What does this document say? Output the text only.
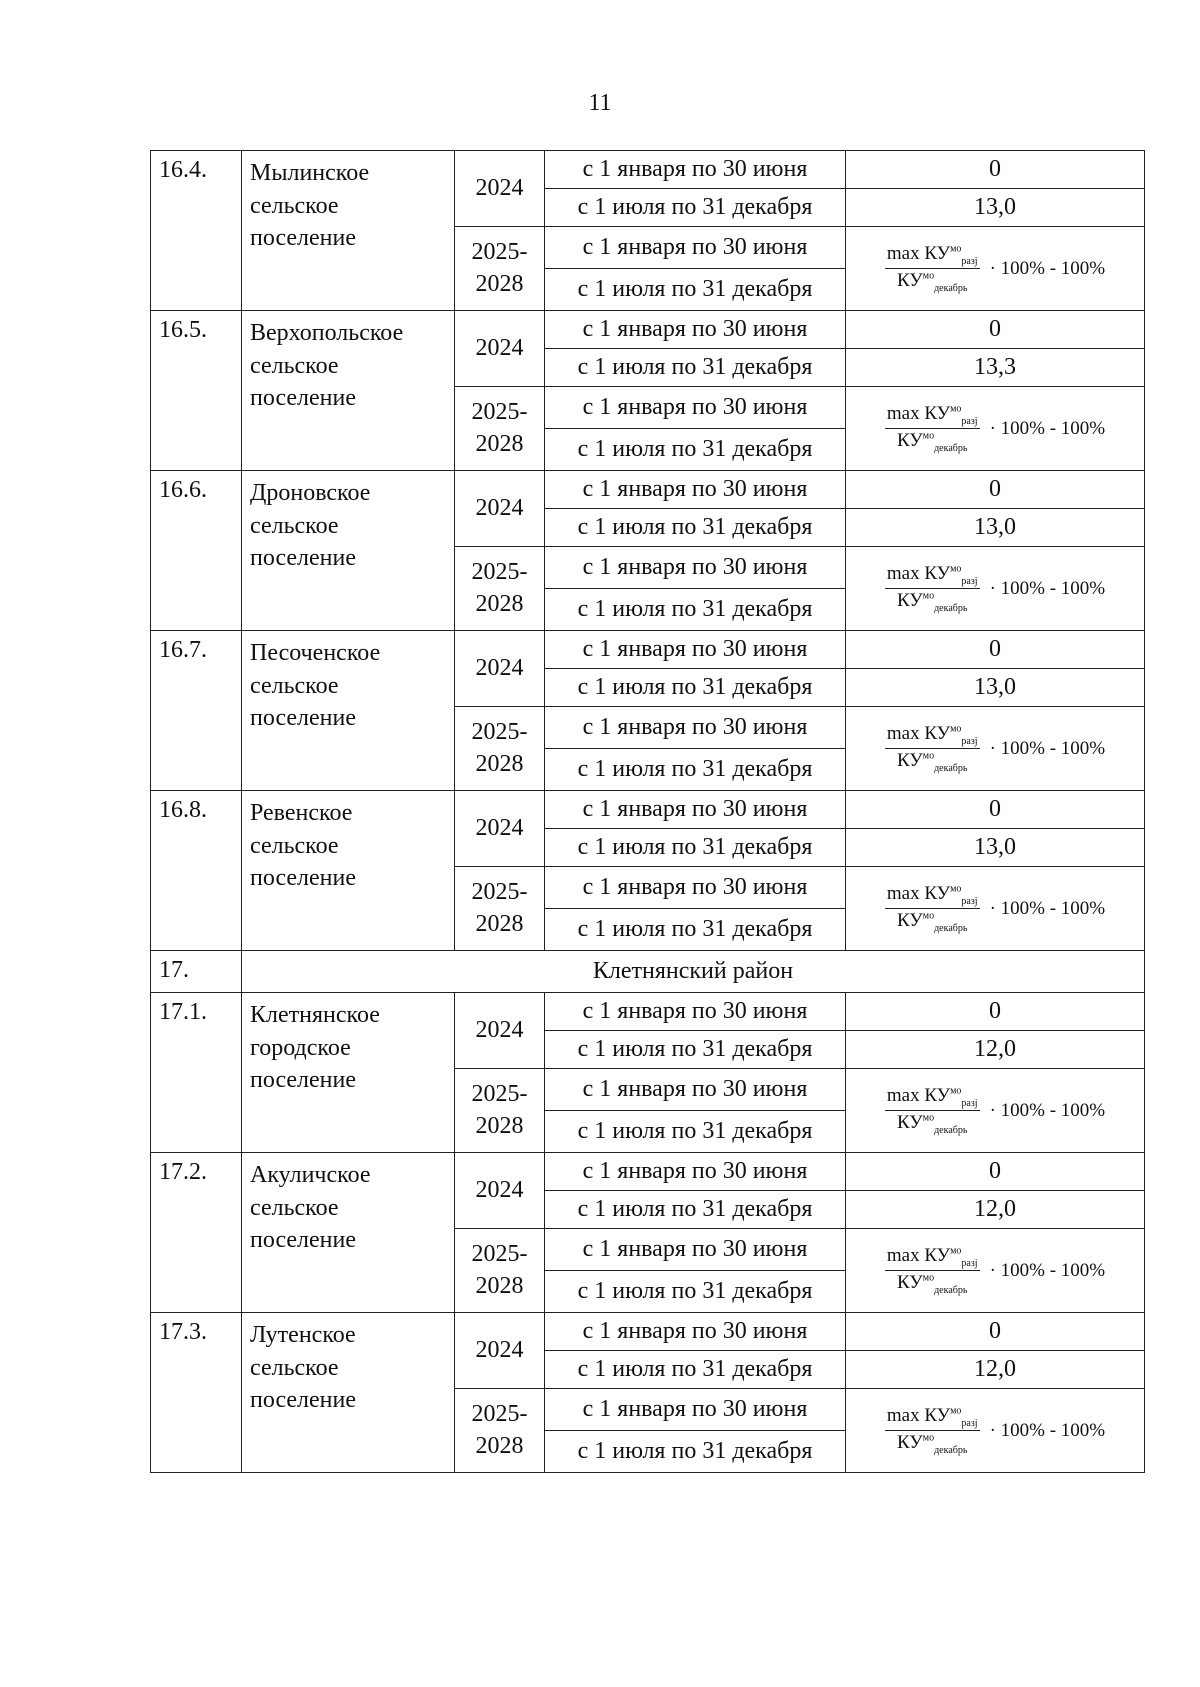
11
16.4.	Мылинское сельское поселение	2024	с 1 января по 30 июня	0
			с 1 июля по 31 декабря	13,0
		2025-2028	с 1 января по 30 июня	$\frac{\max КУ^{мо}_{разj}}{КУ^{мо}_{декабрь}} \cdot 100\% - 100\%$

			с 1 июля по 31 декабря	
16.5.	Верхопольское сельское поселение	2024	с 1 января по 30 июня	0
			с 1 июля по 31 декабря	13,3
		2025-2028	с 1 января по 30 июня	$\frac{\max КУ^{мо}_{разj}}{КУ^{мо}_{декабрь}} \cdot 100\% - 100\%$

			с 1 июля по 31 декабря	
16.6.	Дроновское сельское поселение	2024	с 1 января по 30 июня	0
			с 1 июля по 31 декабря	13,0
		2025-2028	с 1 января по 30 июня	$\frac{\max КУ^{мо}_{разj}}{КУ^{мо}_{декабрь}} \cdot 100\% - 100\%$

			с 1 июля по 31 декабря	
16.7.	Песоченское сельское поселение	2024	с 1 января по 30 июня	0
			с 1 июля по 31 декабря	13,0
		2025-2028	с 1 января по 30 июня	$\frac{\max КУ^{мо}_{разj}}{КУ^{мо}_{декабрь}} \cdot 100\% - 100\%$

			с 1 июля по 31 декабря	
16.8.	Ревенское сельское поселение	2024	с 1 января по 30 июня	0
			с 1 июля по 31 декабря	13,0
		2025-2028	с 1 января по 30 июня	$\frac{\max КУ^{мо}_{разj}}{КУ^{мо}_{декабрь}} \cdot 100\% - 100\%$

			с 1 июля по 31 декабря	
17.	Клетнянский район			
17.1.	Клетнянское городское поселение	2024	с 1 января по 30 июня	0
			с 1 июля по 31 декабря	12,0
		2025-2028	с 1 января по 30 июня	$\frac{\max КУ^{мо}_{разj}}{КУ^{мо}_{декабрь}} \cdot 100\% - 100\%$

			с 1 июля по 31 декабря	
17.2.	Акуличское сельское поселение	2024	с 1 января по 30 июня	0
			с 1 июля по 31 декабря	12,0
		2025-2028	с 1 января по 30 июня	$\frac{\max КУ^{мо}_{разj}}{КУ^{мо}_{декабрь}} \cdot 100\% - 100\%$

			с 1 июля по 31 декабря	
17.3.	Лутенское сельское поселение	2024	с 1 января по 30 июня	0
			с 1 июля по 31 декабря	12,0
		2025-2028	с 1 января по 30 июня	$\frac{\max КУ^{мо}_{разj}}{КУ^{мо}_{декабрь}} \cdot 100\% - 100\%$

			с 1 июля по 31 декабря	
